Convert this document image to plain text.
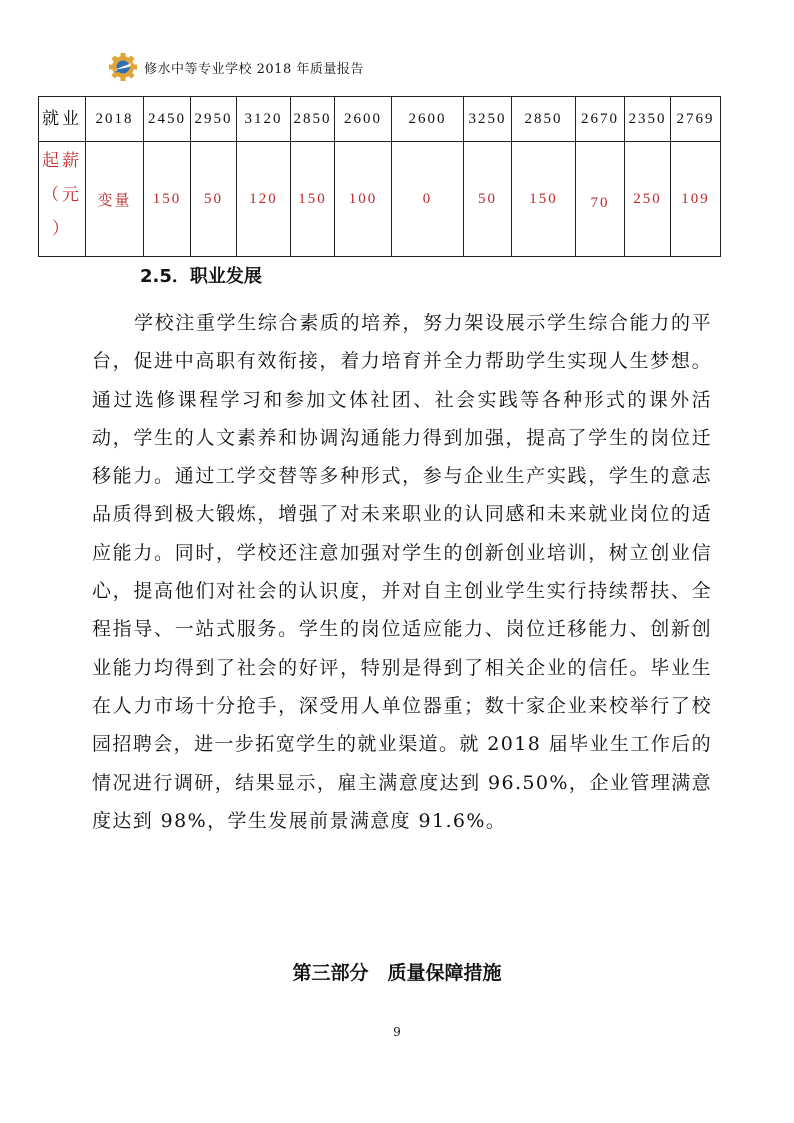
修水中等专业学校 2018 年质量报告
就业	2018	2450	2950	3120	2850	2600	2600	3250	2850	2670	2350	2769

起薪
（元
）	变量	150	50	120	150	100	0	50	150	70	250	109
2.5．职业发展

学校注重学生综合素质的培养，努力架设展示学生综合能力的平台，促进中高职有效衔接，着力培育并全力帮助学生实现人生梦想。通过选修课程学习和参加文体社团、社会实践等各种形式的课外活动，学生的人文素养和协调沟通能力得到加强，提高了学生的岗位迁移能力。通过工学交替等多种形式，参与企业生产实践，学生的意志品质得到极大锻炼，增强了对未来职业的认同感和未来就业岗位的适应能力。同时，学校还注意加强对学生的创新创业培训，树立创业信心，提高他们对社会的认识度，并对自主创业学生实行持续帮扶、全程指导、一站式服务。学生的岗位适应能力、岗位迁移能力、创新创业能力均得到了社会的好评，特别是得到了相关企业的信任。毕业生在人力市场十分抢手，深受用人单位器重；数十家企业来校举行了校园招聘会，进一步拓宽学生的就业渠道。就 2018 届毕业生工作后的情况进行调研，结果显示，雇主满意度达到 96.50%，企业管理满意度达到 98%，学生发展前景满意度 91.6%。

第三部分　质量保障措施
9
